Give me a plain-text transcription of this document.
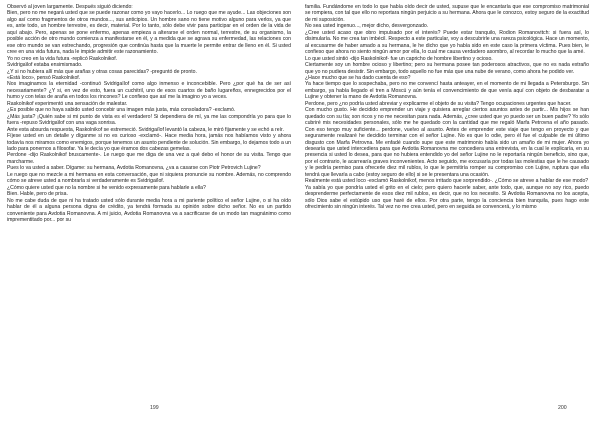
Observó al joven largamente. Después siguió diciendo:

Bien, pero no me negará usted que se puede razonar como yo vayo hacerlo... Lo ruego que me ayude... Las objeciones son algo así como fragmentos de otros mundos..., sus anticipios. Un hombre sano no tiene motivo alguno para verlos, ya que es, ante todo, un hombre terrestre, es decir, material. Por lo tanto, sólo debe vivir para participar en el orden de la vida de aquí abajo. Pero, apenas se pone enfermo, apenas empieza a alterarse el orden normal, terrestre, de su organismo, la posible acción de otro mundo comienza a manifestarse en él, y a medida que se agrava su enfermedad, las relaciones con ese otro mundo se van estrechando, progresión que continúa hasta que la muerte le permite entrar de lleno en él. Si usted cree en una vida futura, nada le impide admitir este razonamiento.

Yo no creo en la vida futura -replicó Raskolnikof.

Svidrigaïlof estaba ensimismado.

¿Y si no hubiera allí más que arañas y otras cosas parecidas? -preguntó de pronto.

«Está loco», pensó Raskolnikof.

Nos imaginamos la eternidad -continuó Svidrigaïlof como algo inmenso e inconcebible. Pero ¿por qué ha de ser así necesariamente? ¿Y si, en vez de esto, fuera un cuchitril, uno de esos cuartos de baño lugareños, ennegrecidos por el humo y con telas de araña en todos los rincones? Le confieso que así me la imagino yo a veces.

Raskolnikof experimentó una sensación de malestar.

¿Es posible que no haya sabido usted concebir una imagen más justa, más consoladora? -exclamó.

¿Más justa? ¡Quién sabe si mi punto de vista es el verdadero! Si dependiera de mí, ya me las compondría yo para que lo fuera -repuso Svidrigaïlof con una vaga sonrisa.

Ante esta absurda respuesta, Raskolnikof se estremeció. Svidrigaïlof levantó la cabeza, le miró fijamente y se echó a reír.

Fíjese usted en un detalle y díganme si no es curioso -exclamó-. Hace media hora, jamás nos habíamos visto y ahora todavía nos miramos como enemigos, porque tenemos un asunto pendiente de solución. Sin embargo, lo dejamos todo a un lado para ponernos a filosofar. Ya le decía yo que éramos dos cabezas gemelas.

Perdone -dijo Raskolnikof bruscamente-. Le ruego que me diga de una vez a qué debo el honor de su visita. Tengo que marcharme.

Pues lo va usted a saber. Dígame: su hermana, Avdotia Romanovna, ¿va a casarse con Piotr Petrovich Lujine?

Le ruego que no mezcle a mi hermana en esta conversación, que ni siquiera pronuncie su nombre. Además, no comprendo cómo se atreve usted a nombrarla si verdaderamente es Svidrigaïlof.

¿Cómo quiere usted que no la nombre si he venido expresamente para hablarle a ella?

Bien. Hable, pero de prisa.

No me cabe duda de que ni ha tratado usted sólo durante media hora a mi pariente político el señor Lujine, o si ha oído hablar de él a alguna persona digna de crédito, ya tendrá formada su opinión sobre dicho señor. No es un partido conveniente para Avdotia Romanovna. A mi juicio, Avdotia Romanovna va a sacrificarse de un modo tan magnánimo como imprementitado por... por su

199

familia. Fundándome en todo lo que había oído decir de usted, supuse que le encantaría que ese compromiso matrimonial se rompiera, con tal que ello no reportara ningún perjuicio a su hermana. Ahora que le conozco, estoy seguro de la exactitud de mi suposición.

No sea usted ingenuo..., mejor dicho, desvergonzado.

¿Cree usted acaso que obro impulsado por el interés? Puede estar tranquilo, Rodion Romanovitch: si fuera así, lo disimularía. No me crea tan imbécil. Respecto a este particular, voy a descubrirle una rareza psicológica. Hace un momento, al excusarme de haber amado a su hermana, le he dicho que yo había sido en este caso la primera víctima. Pues bien, le confieso que ahora no siento ningún amor por ella, lo cual me causa verdadero asombro, al recordar lo mucho que la amé.

Lo que usted sintió -dijo Raskolnikof- fue un capricho de hombre libertino y ocioso.

Ciertamente soy un hombre ocioso y libertino; pero su hermana posee tan poderosos atractivos, que no es nada extraño que yo no pudiera desistir. Sin embargo, todo aquello no fue más que una nube de verano, como ahora he podido ver.

¿Hace mucho que se ha dado cuenta de eso?

Ya hace tiempo que lo sospechaba, pero no me convencí hasta anteayer, en el momento de mi llegada a Petersburgo. Sin embargo, ya había llegado el tren a Moscú y aún tenía el convencimiento de que venía aquí con objeto de desbaratar a Lujine y obtener la mano de Avdotia Romanovna.

Perdone, pero ¿no podría usted abreviar y explicarme el objeto de su visita? Tengo ocupaciones urgentes que hacer.

Con mucho gusto. He decidido emprender un viaje y quisiera arreglar ciertos asuntos antes de partir... Mis hijos se han quedado con su tía; son ricos y no me necesitan para nada. Además, ¿cree usted que yo puedo ser un buen padre? Yo sólo cubriré mis necesidades personales, sólo me he quedado con la cantidad que me regaló Marfa Petrovna el año pasado. Con eso tengo muy suficiente... perdone, vuelvo al asunto. Antes de emprender este viaje que tengo en proyecto y que seguramente realizaré he decidido terminar con el señor Lujine. No es que lo odie, pero él fue el culpable de mi último disgusto con Marfa Petrovna. Me enfadé cuando supe que este matrimonio había sido un amaño de mi mujer. Ahora yo desearía que usted intercediera para que Avdotia Romanovna me concediera una entrevista, en la cual le explicaría, en su presencia si usted lo desea, para que no hubiera entendido yo del señor Lujine no le reportaría ningún beneficio, sino que, por el contrario, le acarrearía graves inconvenientes. Acto seguido, me excusaría por todas las molestias que le he causado y le pediría permiso para ofrecerle diez mil rublos, lo que le permitiría romper su compromiso con Lujine, ruptura que ella tendrá que llevaría a cabo (estoy seguro de ello) si se le presentara una ocasión.

Realmente está usted loco -exclamó Raskolnikof, menos irritado que sorprendido-. ¿Cómo se atreve a hablar de ese modo?

Ya sabía yo que pondría usted el grito en el cielo; pero quiero hacerle saber, ante todo, que, aunque no soy rico, puedo desprenderme perfectamente de esos diez mil rublos, es decir, que no los necesito. Si Avdotia Romanovna no los acepta, sólo Dios sabe el estúpido uso que haré de ellos. Por otra parte, tengo la conciencia bien tranquila, pues hago este ofrecimiento sin ningún interés. Tal vez no me crea usted, pero en seguida se convencerá, y lo mismo

200
